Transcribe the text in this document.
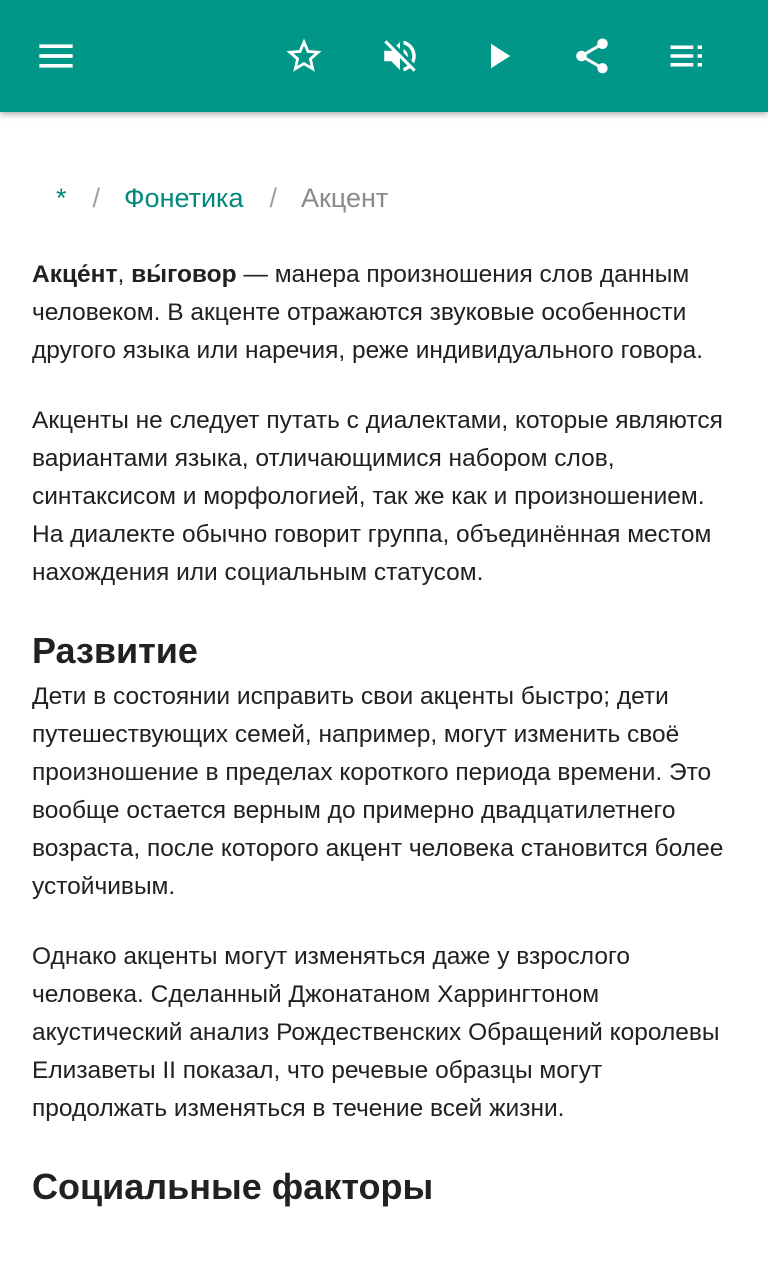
* / Фонетика / Акцент

Акце́нт, вы́говор — манера произношения слов данным человеком. В акценте отражаются звуковые особенности другого языка или наречия, реже индивидуального говора.

Акценты не следует путать с диалектами, которые являются вариантами языка, отличающимися набором слов, синтаксисом и морфологией, так же как и произношением. На диалекте обычно говорит группа, объединённая местом нахождения или социальным статусом.

Развитие

Дети в состоянии исправить свои акценты быстро; дети путешествующих семей, например, могут изменить своё произношение в пределах короткого периода времени. Это вообще остается верным до примерно двадцатилетнего возраста, после которого акцент человека становится более устойчивым.

Однако акценты могут изменяться даже у взрослого человека. Сделанный Джонатаном Харрингтоном акустический анализ Рождественских Обращений королевы Елизаветы II показал, что речевые образцы могут продолжать изменяться в течение всей жизни.

Социальные факторы
